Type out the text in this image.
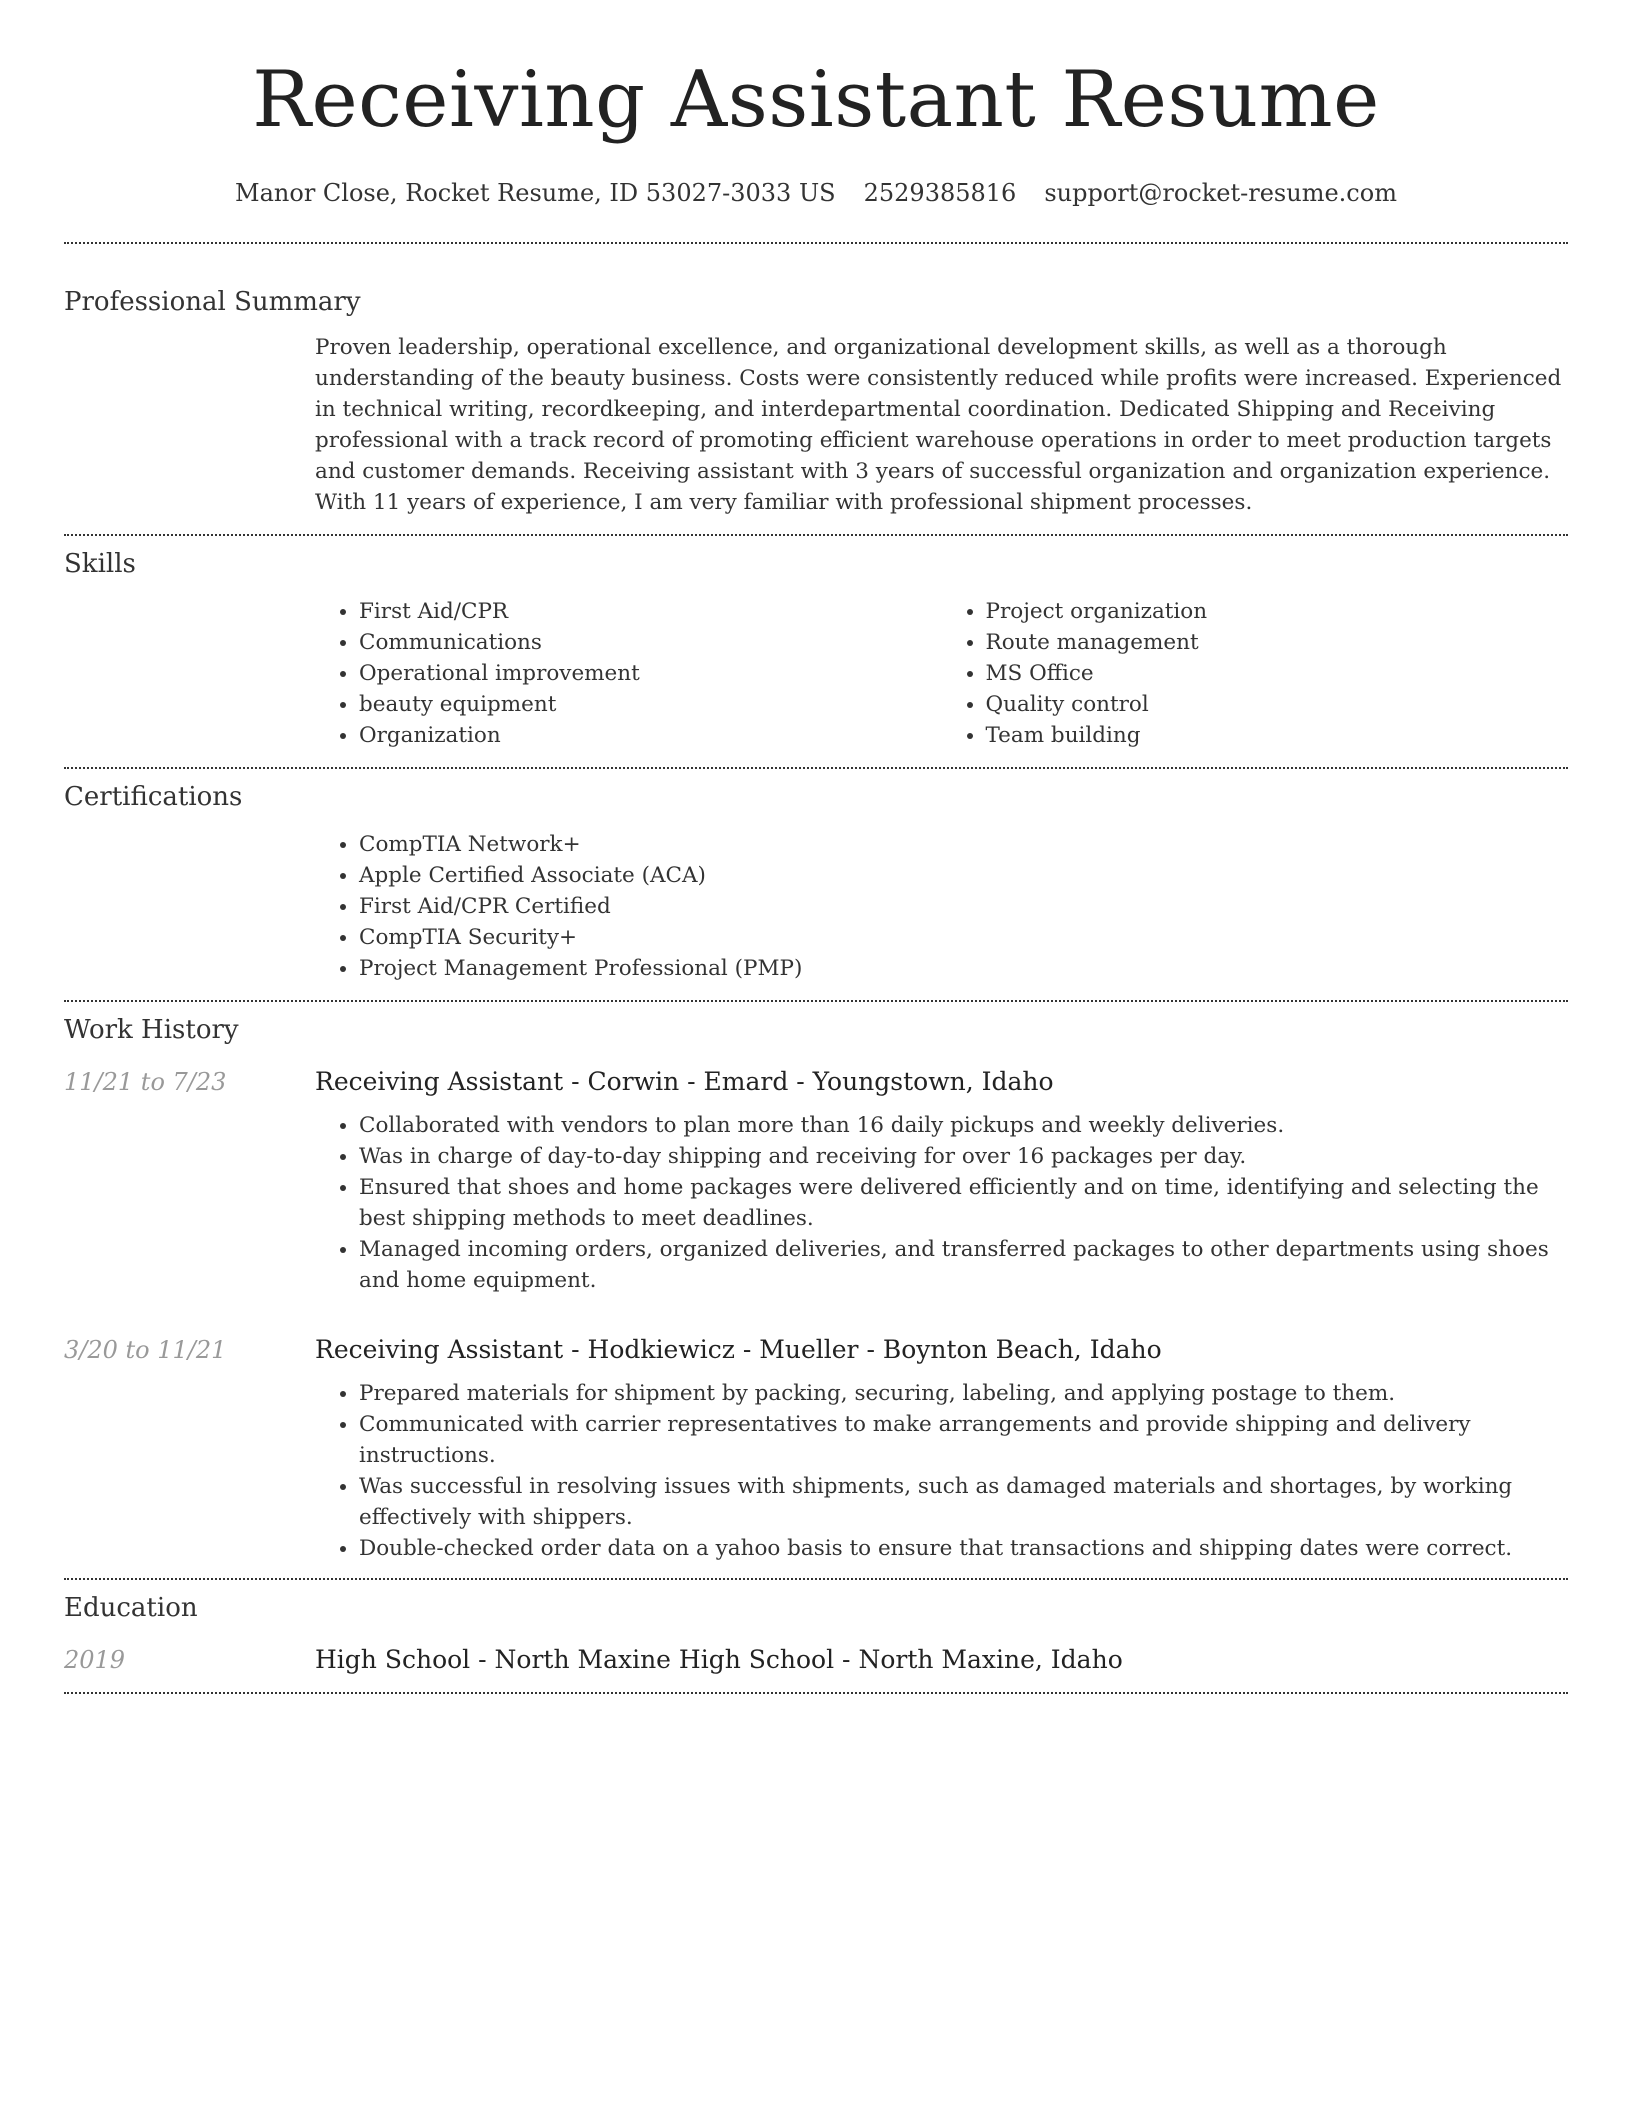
Receiving Assistant Resume
Manor Close, Rocket Resume, ID 53027-3033 US 2529385816 support@rocket-resume.com
Professional Summary
Proven leadership, operational excellence, and organizational development skills, as well as a thorough understanding of the beauty business. Costs were consistently reduced while profits were increased. Experienced in technical writing, recordkeeping, and interdepartmental coordination. Dedicated Shipping and Receiving professional with a track record of promoting efficient warehouse operations in order to meet production targets and customer demands. Receiving assistant with 3 years of successful organization and organization experience. With 11 years of experience, I am very familiar with professional shipment processes.
Skills
• First Aid/CPR
• Communications
• Operational improvement
• beauty equipment
• Organization
• Project organization
• Route management
• MS Office
• Quality control
• Team building
Certifications
• CompTIA Network+
• Apple Certified Associate (ACA)
• First Aid/CPR Certified
• CompTIA Security+
• Project Management Professional (PMP)
Work History
11/21 to 7/23	Receiving Assistant - Corwin - Emard - Youngstown, Idaho
• Collaborated with vendors to plan more than 16 daily pickups and weekly deliveries.
• Was in charge of day-to-day shipping and receiving for over 16 packages per day.
• Ensured that shoes and home packages were delivered efficiently and on time, identifying and selecting the best shipping methods to meet deadlines.
• Managed incoming orders, organized deliveries, and transferred packages to other departments using shoes and home equipment.
3/20 to 11/21	Receiving Assistant - Hodkiewicz - Mueller - Boynton Beach, Idaho
• Prepared materials for shipment by packing, securing, labeling, and applying postage to them.
• Communicated with carrier representatives to make arrangements and provide shipping and delivery instructions.
• Was successful in resolving issues with shipments, such as damaged materials and shortages, by working effectively with shippers.
• Double-checked order data on a yahoo basis to ensure that transactions and shipping dates were correct.
Education
2019	High School - North Maxine High School - North Maxine, Idaho
